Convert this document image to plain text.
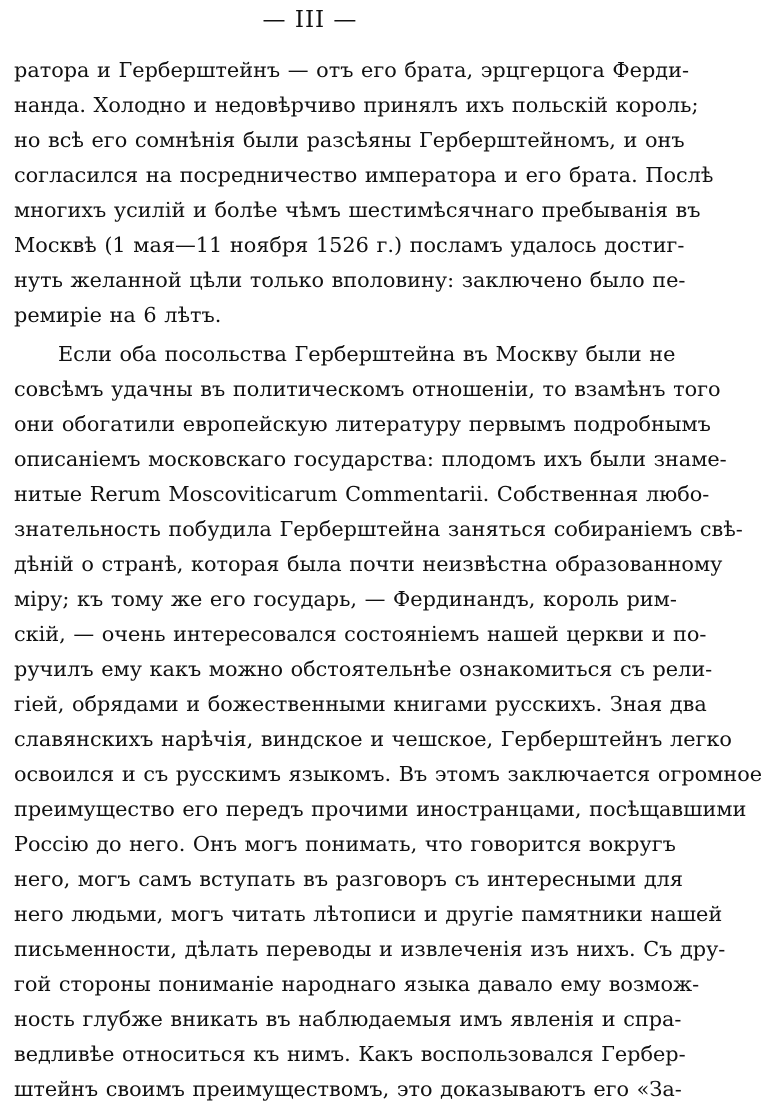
— III —
ратора и Герберштейнъ — отъ его брата, эрцгерцога Ферди-
нанда. Холодно и недовѣрчиво принялъ ихъ польскiй король;
но всѣ его сомнѣнiя были разсѣяны Герберштейномъ, и онъ
согласился на посредничество императора и его брата. Послѣ
многихъ усилiй и болѣе чѣмъ шестимѣсячнаго пребыванiя въ
Москвѣ (1 мая—11 ноября 1526 г.) посламъ удалось достиг-
нуть желанной цѣли только вполовину: заключено было пе-
ремирiе на 6 лѣтъ.
Если оба посольства Герберштейна въ Москву были не
совсѣмъ удачны въ политическомъ отношенiи, то взамѣнъ того
они обогатили европейскую литературу первымъ подробнымъ
описанiемъ московскаго государства: плодомъ ихъ были знаме-
нитые Rerum Moscoviticarum Commentarii. Собственная любо-
знательность побудила Герберштейна заняться собиранiемъ свѣ-
дѣнiй о странѣ, которая была почти неизвѣстна образованному
мiру; къ тому же его государь, — Фердинандъ, король рим-
скiй, — очень интересовался состоянiемъ нашей церкви и по-
ручилъ ему какъ можно обстоятельнѣе ознакомиться съ рели-
гiей, обрядами и божественными книгами русскихъ. Зная два
славянскихъ нарѣчiя, виндское и чешское, Герберштейнъ легко
освоился и съ русскимъ языкомъ. Въ этомъ заключается огромное
преимущество его передъ прочими иностранцами, посѣщавшими
Россiю до него. Онъ могъ понимать, что говорится вокругъ
него, могъ самъ вступать въ разговоръ съ интересными для
него людьми, могъ читать лѣтописи и другiе памятники нашей
письменности, дѣлать переводы и извлеченiя изъ нихъ. Съ дру-
гой стороны пониманiе народнаго языка давало ему возмож-
ность глубже вникать въ наблюдаемыя имъ явленiя и спра-
ведливѣе относиться къ нимъ. Какъ воспользовался Гербер-
штейнъ своимъ преимуществомъ, это доказываютъ его «За-
